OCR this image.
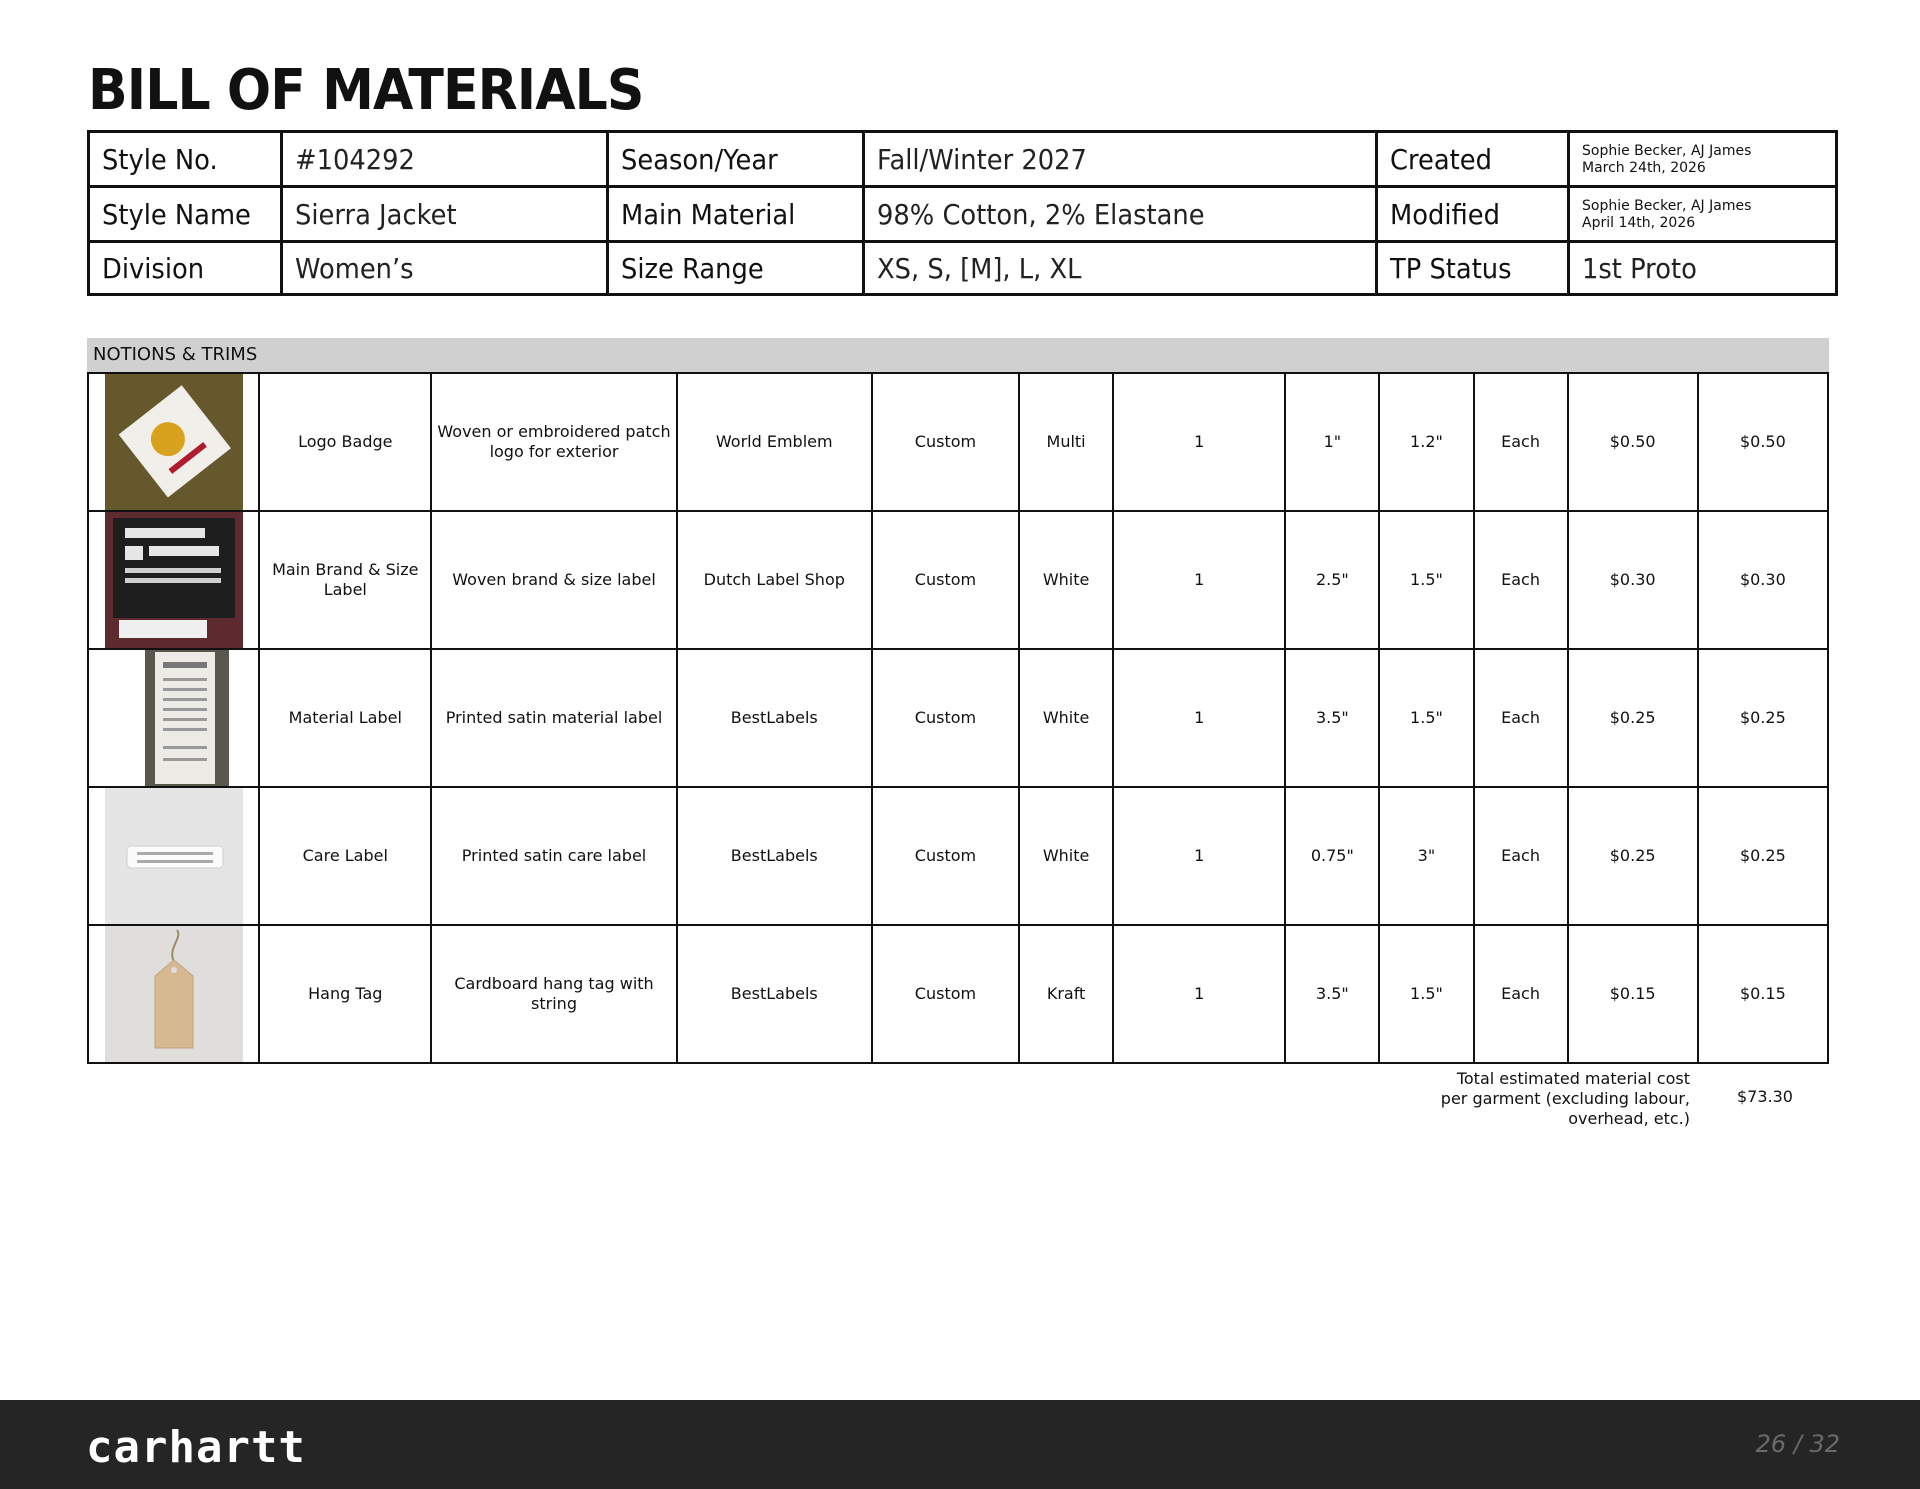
BILL OF MATERIALS
Style No.	#104292	Season/Year	Fall/Winter 2027	Created	Sophie Becker, AJ James
March 24th, 2026

Style Name	Sierra Jacket	Main Material	98% Cotton, 2% Elastane	Modified	Sophie Becker, AJ James
April 14th, 2026

Division	Women’s	Size Range	XS, S, [M], L, XL	TP Status	1st Proto
NOTIONS & TRIMS
	Logo Badge	Woven or embroidered patch logo for exterior	World Emblem	Custom	Multi	1	1"	1.2"	Each	$0.50	$0.50

	Main Brand & Size Label	Woven brand & size label	Dutch Label Shop	Custom	White	1	2.5"	1.5"	Each	$0.30	$0.30

	Material Label	Printed satin material label	BestLabels	Custom	White	1	3.5"	1.5"	Each	$0.25	$0.25

	Care Label	Printed satin care label	BestLabels	Custom	White	1	0.75"	3"	Each	$0.25	$0.25

	Hang Tag	Cardboard hang tag with string	BestLabels	Custom	Kraft	1	3.5"	1.5"	Each	$0.15	$0.15
Total estimated material cost per garment (excluding labour, overhead, etc.)
$73.30
carhartt	26 / 32
